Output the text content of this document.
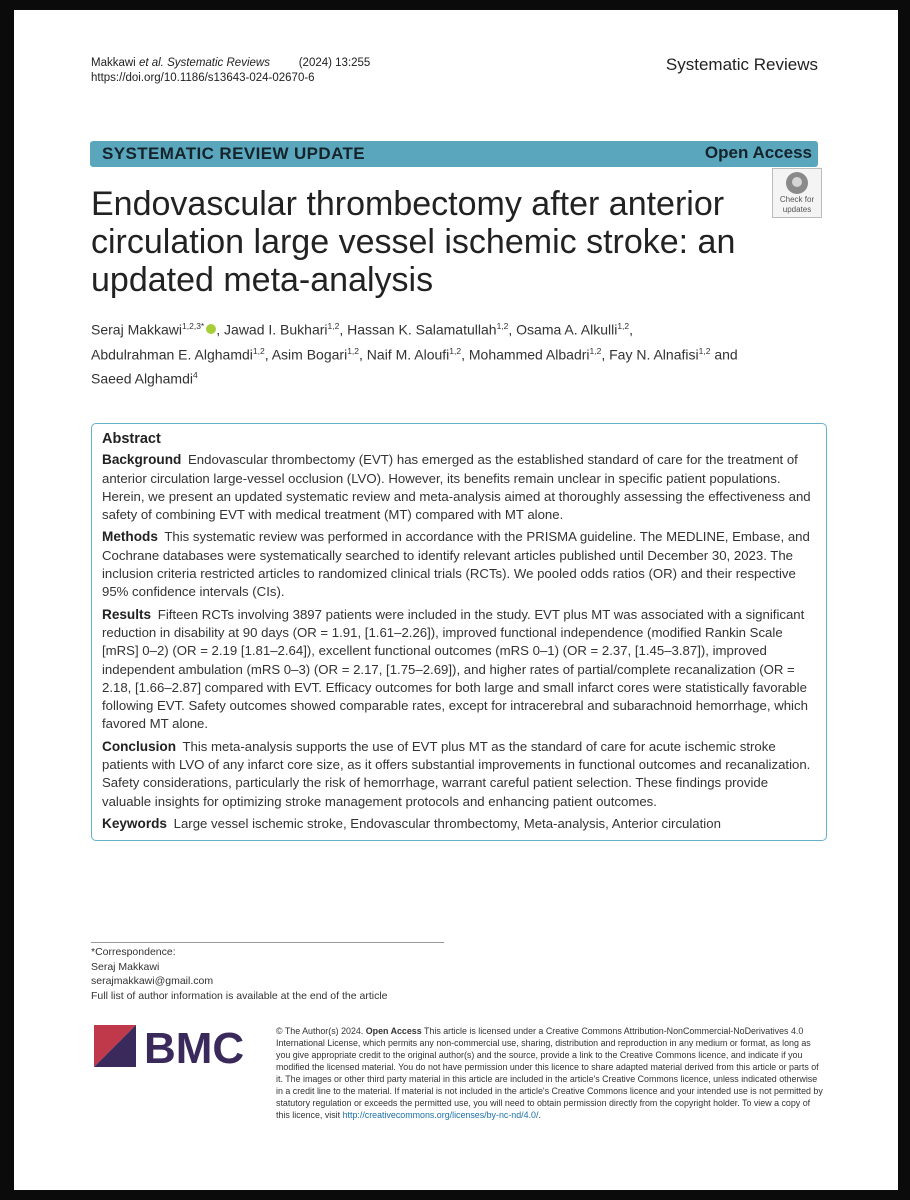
Makkawi et al. Systematic Reviews	(2024) 13:255
https://doi.org/10.1186/s13643-024-02670-6
Systematic Reviews
SYSTEMATIC REVIEW UPDATE	Open Access
Check for
updates
Endovascular thrombectomy after anterior circulation large vessel ischemic stroke: an updated meta-analysis
Seraj Makkawi$^{1,2,3*}$ , Jawad I. Bukhari$^{1,2}$, Hassan K. Salamatullah$^{1,2}$, Osama A. Alkulli$^{1,2}$,
Abdulrahman E. Alghamdi$^{1,2}$, Asim Bogari$^{1,2}$, Naif M. Aloufi$^{1,2}$, Mohammed Albadri$^{1,2}$, Fay N. Alnafisi$^{1,2}$ and
Saeed Alghamdi$^4$
Abstract

Background Endovascular thrombectomy (EVT) has emerged as the established standard of care for the treatment of anterior circulation large-vessel occlusion (LVO). However, its benefits remain unclear in specific patient populations. Herein, we present an updated systematic review and meta-analysis aimed at thoroughly assessing the effectiveness and safety of combining EVT with medical treatment (MT) compared with MT alone.

Methods This systematic review was performed in accordance with the PRISMA guideline. The MEDLINE, Embase, and Cochrane databases were systematically searched to identify relevant articles published until December 30, 2023. The inclusion criteria restricted articles to randomized clinical trials (RCTs). We pooled odds ratios (OR) and their respective 95% confidence intervals (CIs).

Results Fifteen RCTs involving 3897 patients were included in the study. EVT plus MT was associated with a significant reduction in disability at 90 days (OR = 1.91, [1.61–2.26]), improved functional independence (modified Rankin Scale [mRS] 0–2) (OR = 2.19 [1.81–2.64]), excellent functional outcomes (mRS 0–1) (OR = 2.37, [1.45–3.87]), improved independent ambulation (mRS 0–3) (OR = 2.17, [1.75–2.69]), and higher rates of partial/complete recanalization (OR = 2.18, [1.66–2.87] compared with EVT. Efficacy outcomes for both large and small infarct cores were statistically favorable following EVT. Safety outcomes showed comparable rates, except for intracerebral and subarachnoid hemorrhage, which favored MT alone.

Conclusion This meta-analysis supports the use of EVT plus MT as the standard of care for acute ischemic stroke patients with LVO of any infarct core size, as it offers substantial improvements in functional outcomes and recanalization. Safety considerations, particularly the risk of hemorrhage, warrant careful patient selection. These findings provide valuable insights for optimizing stroke management protocols and enhancing patient outcomes.

Keywords Large vessel ischemic stroke, Endovascular thrombectomy, Meta-analysis, Anterior circulation

*Correspondence:
Seraj Makkawi
serajmakkawi@gmail.com
Full list of author information is available at the end of the article
BMC	© The Author(s) 2024. Open Access This article is licensed under a Creative Commons Attribution-NonCommercial-NoDerivatives 4.0 International License, which permits any non-commercial use, sharing, distribution and reproduction in any medium or format, as long as you give appropriate credit to the original author(s) and the source, provide a link to the Creative Commons licence, and indicate if you modified the licensed material. You do not have permission under this licence to share adapted material derived from this article or parts of it. The images or other third party material in this article are included in the article's Creative Commons licence, unless indicated otherwise in a credit line to the material. If material is not included in the article's Creative Commons licence and your intended use is not permitted by statutory regulation or exceeds the permitted use, you will need to obtain permission directly from the copyright holder. To view a copy of this licence, visit http://creativecommons.org/licenses/by-nc-nd/4.0/.
